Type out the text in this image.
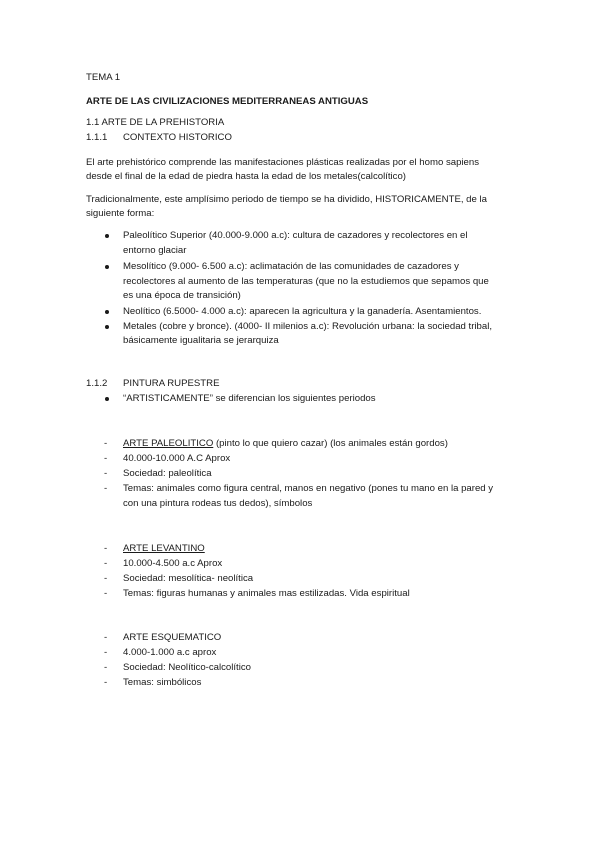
TEMA 1
ARTE DE LAS CIVILIZACIONES MEDITERRANEAS ANTIGUAS
1.1 ARTE DE LA PREHISTORIA
1.1.1 CONTEXTO HISTORICO
El arte prehistórico comprende las manifestaciones plásticas realizadas por el homo sapiens
desde el final de la edad de piedra hasta la edad de los metales(calcolítico)
Tradicionalmente, este amplísimo periodo de tiempo se ha dividido, HISTORICAMENTE, de la
siguiente forma:
Paleolítico Superior (40.000-9.000 a.c): cultura de cazadores y recolectores en el
entorno glaciar
Mesolítico (9.000- 6.500 a.c): aclimatación de las comunidades de cazadores y
recolectores al aumento de las temperaturas (que no la estudiemos que sepamos que
es una época de transición)
Neolítico (6.5000- 4.000 a.c): aparecen la agricultura y la ganadería. Asentamientos.
Metales (cobre y bronce). (4000- II milenios a.c): Revolución urbana: la sociedad tribal,
básicamente igualitaria se jerarquiza
1.1.2 PINTURA RUPESTRE
“ARTISTICAMENTE” se diferencian los siguientes periodos
- ARTE PALEOLITICO (pinto lo que quiero cazar) (los animales están gordos)
- 40.000-10.000 A.C Aprox
- Sociedad: paleolítica
- Temas: animales como figura central, manos en negativo (pones tu mano en la pared y
con una pintura rodeas tus dedos), símbolos
- ARTE LEVANTINO
- 10.000-4.500 a.c Aprox
- Sociedad: mesolítica- neolítica
- Temas: figuras humanas y animales mas estilizadas. Vida espiritual
- ARTE ESQUEMATICO
- 4.000-1.000 a.c aprox
- Sociedad: Neolítico-calcolítico
- Temas: simbólicos
